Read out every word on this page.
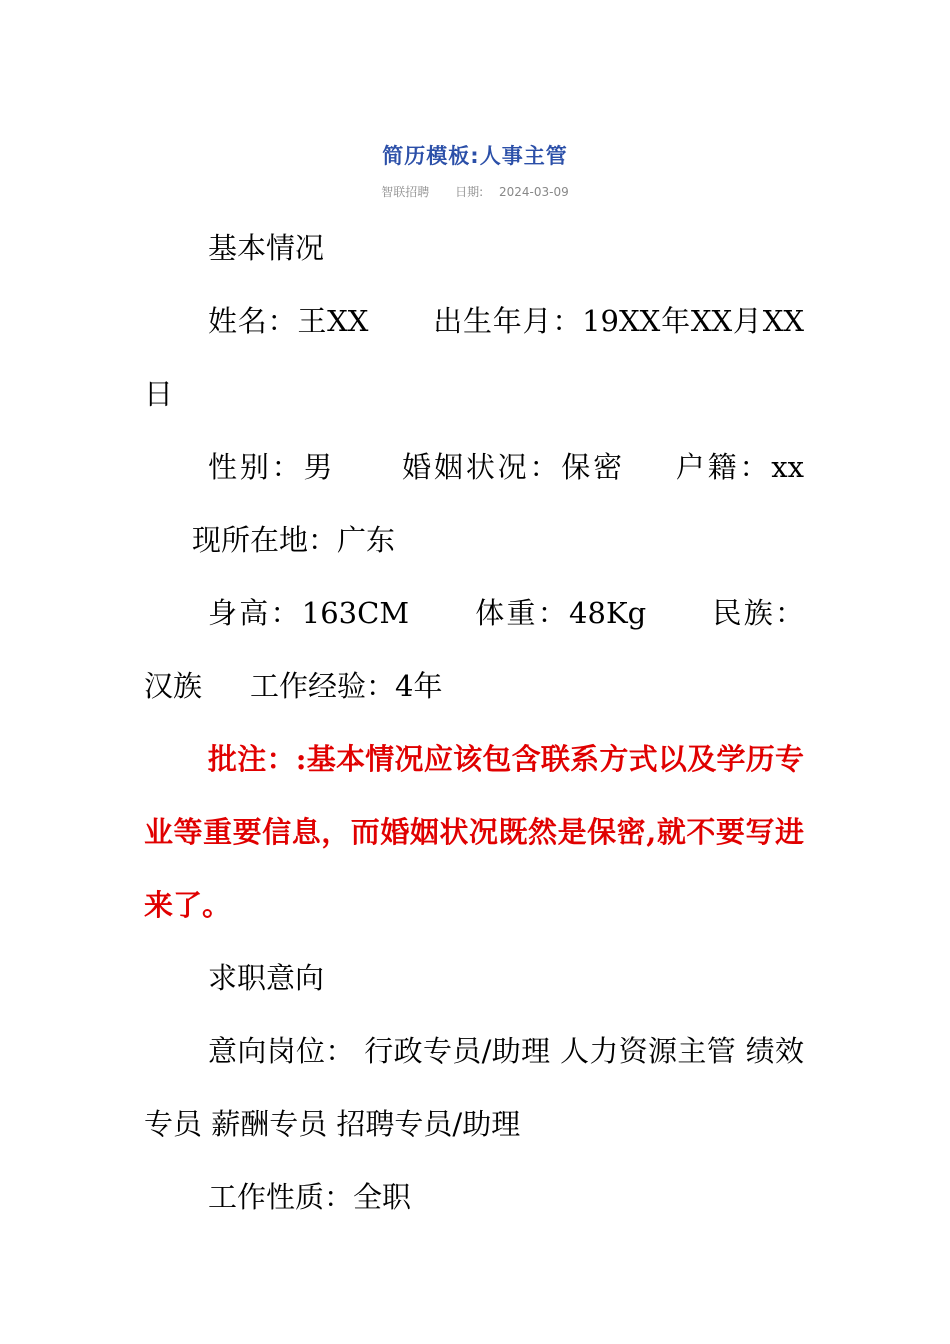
简历模板:人事主管
智联招聘 日期: 2024-03-09

基本情况

姓名：王XX 出生年月：19XX年XX月XX日

性别：男 婚姻状况：保密 户籍：xx现所在地：广东

身高：163CM 体重：48Kg 民族：汉族 工作经验：4年

批注：:基本情况应该包含联系方式以及学历专业等重要信息，而婚姻状况既然是保密,就不要写进来了。

求职意向

意向岗位： 行政专员/助理 人力资源主管 绩效专员 薪酬专员 招聘专员/助理

工作性质：全职
